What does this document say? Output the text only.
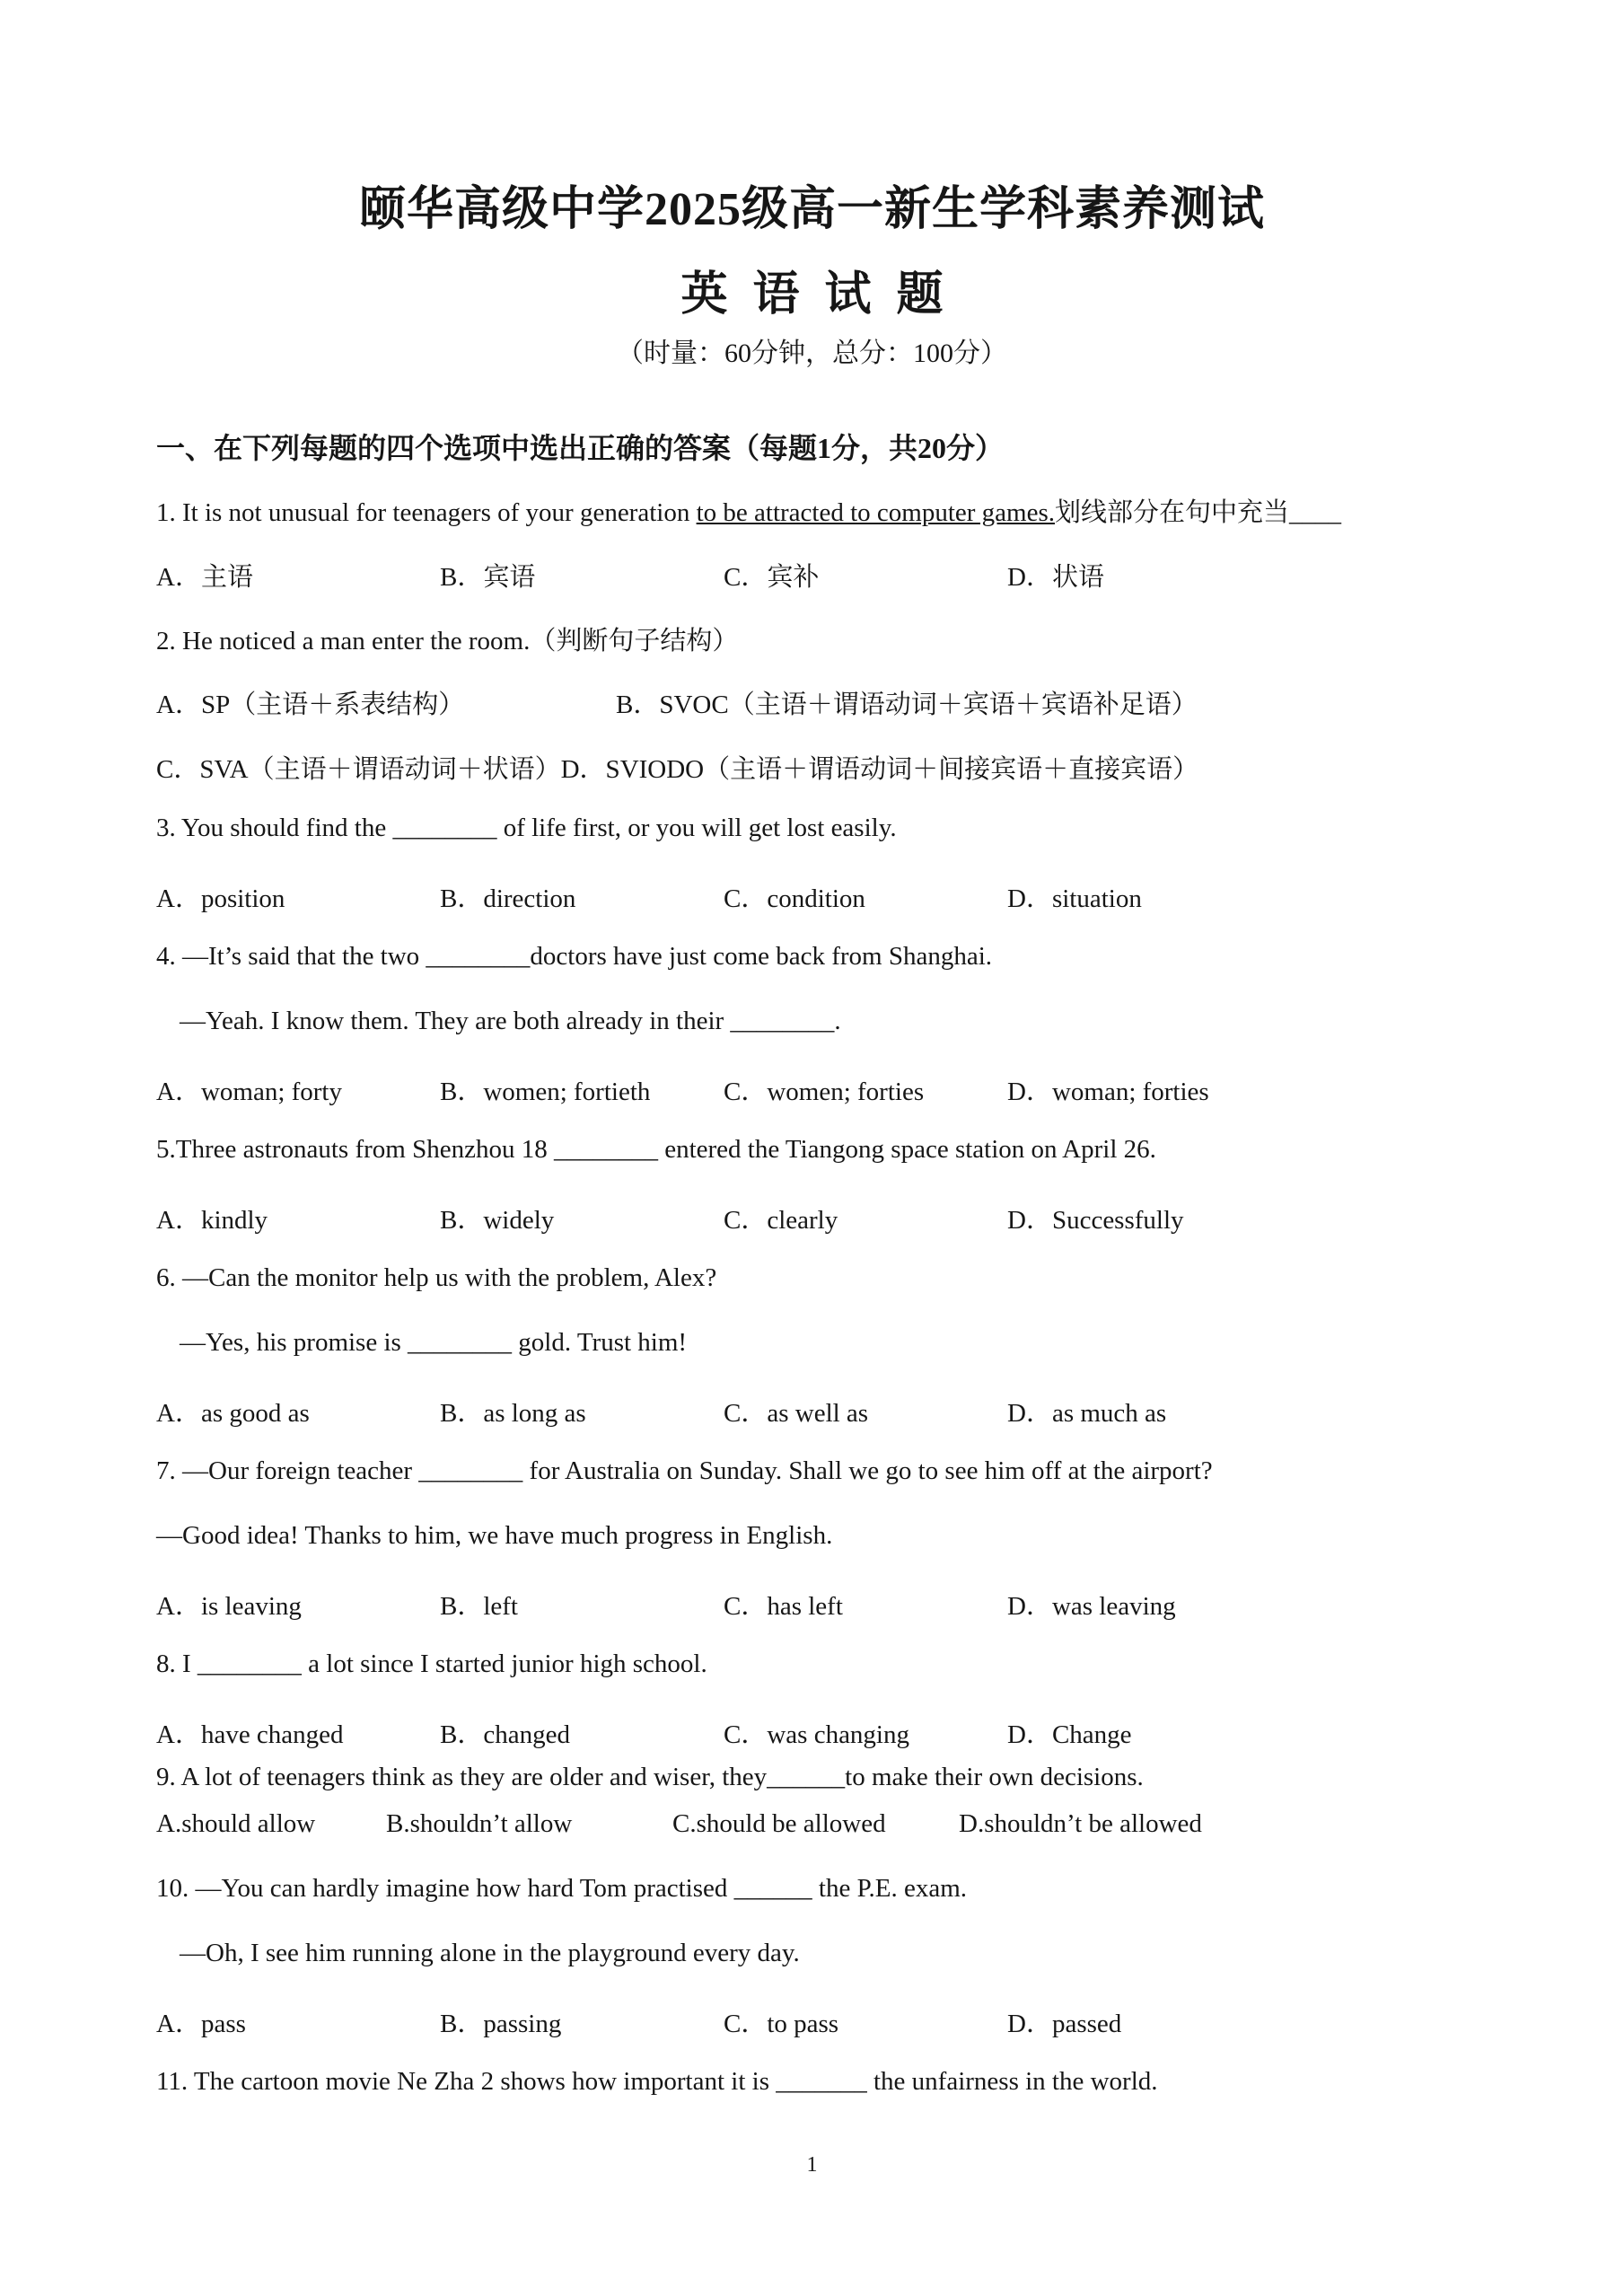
颐华高级中学2025级高一新生学科素养测试
英语试题
（时量：60分钟，总分：100分）
一、在下列每题的四个选项中选出正确的答案（每题1分，共20分）
1. It is not unusual for teenagers of your generation to be attracted to computer games.划线部分在句中充当____
A．主语	B．宾语	C．宾补	D．状语
2. He noticed a man enter the room.（判断句子结构）
A．SP（主语＋系表结构）	B．SVOC（主语＋谓语动词＋宾语＋宾语补足语）
C．SVA（主语＋谓语动词＋状语）D．SVIODO（主语＋谓语动词＋间接宾语＋直接宾语）
3. You should find the ________ of life first, or you will get lost easily.
A．position	B．direction	C．condition	D．situation
4. —It’s said that the two ________doctors have just come back from Shanghai.
—Yeah. I know them. They are both already in their ________.
A．woman; forty	B．women; fortieth	C．women; forties	D．woman; forties
5.Three astronauts from Shenzhou 18 ________ entered the Tiangong space station on April 26.
A．kindly	B．widely	C．clearly	D．Successfully
6. —Can the monitor help us with the problem, Alex?
—Yes, his promise is ________ gold. Trust him!
A．as good as	B．as long as	C．as well as	D．as much as
7. —Our foreign teacher ________ for Australia on Sunday. Shall we go to see him off at the airport?
—Good idea! Thanks to him, we have much progress in English.
A．is leaving	B．left	C．has left	D．was leaving
8. I ________ a lot since I started junior high school.
A．have changed	B．changed	C．was changing	D．Change
9. A lot of teenagers think as they are older and wiser, they______to make their own decisions.
A.should allow	B.shouldn’t allow	C.should be allowed	D.shouldn’t be allowed
10. —You can hardly imagine how hard Tom practised ______ the P.E. exam.
—Oh, I see him running alone in the playground every day.
A．pass	B．passing	C．to pass	D．passed
11. The cartoon movie Ne Zha 2 shows how important it is _______ the unfairness in the world.
1
